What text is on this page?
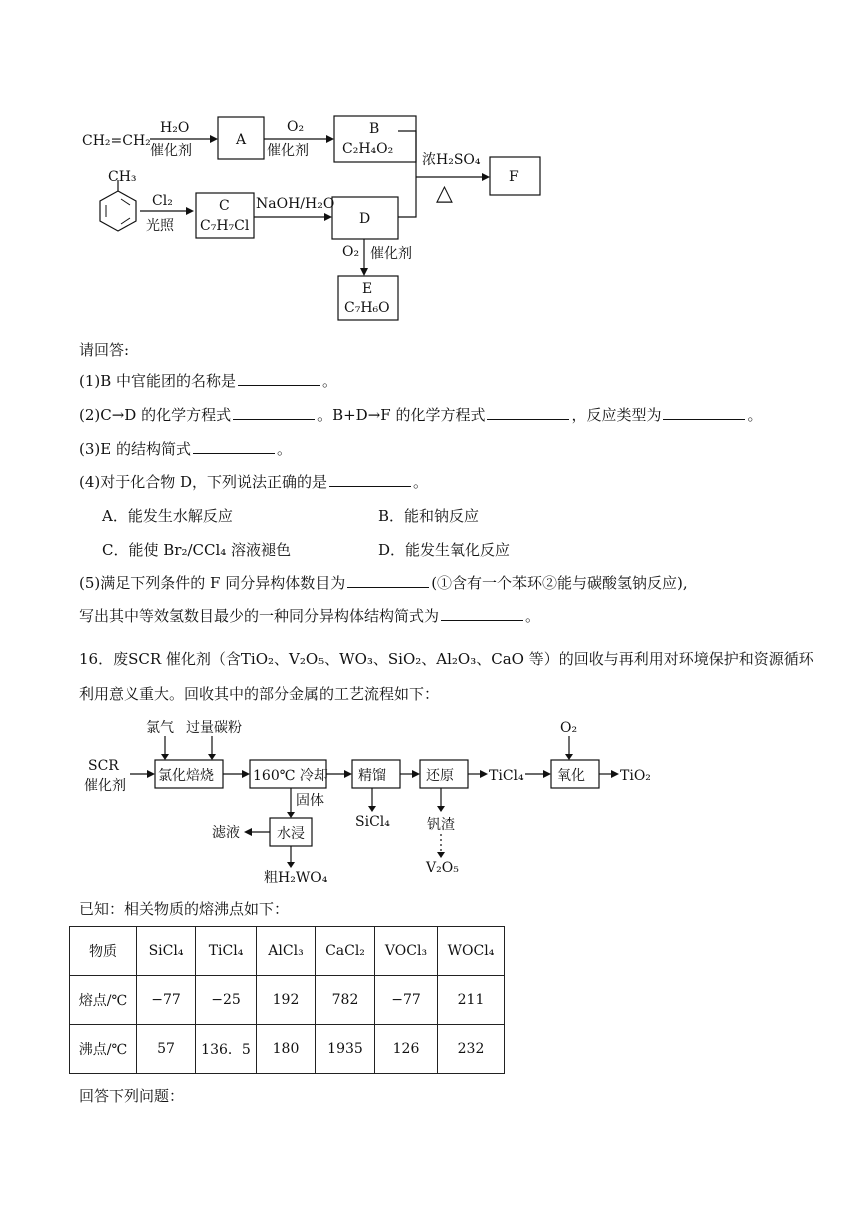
CH₂=CH₂
H₂O
催化剂
A
O₂
催化剂
B
C₂H₄O₂
浓H₂SO₄
△
F
CH₃
Cl₂
光照
C
C₇H₇Cl
NaOH/H₂O
D
O₂ 催化剂
E
C₇H₆O
请回答:
(1)B 中官能团的名称是	。
(2)C→D 的化学方程式	。B+D→F 的化学方程式	，反应类型为	。
(3)E 的结构简式	。
(4)对于化合物 D，下列说法正确的是	。
A．能发生水解反应	B．能和钠反应
C．能使 Br₂/CCl₄ 溶液褪色	D．能发生氧化反应
(5)满足下列条件的 F 同分异构体数目为	(①含有一个苯环②能与碳酸氢钠反应),
写出其中等效氢数目最少的一种同分异构体结构简式为	。
16．废SCR 催化剂（含TiO₂、V₂O₅、WO₃、SiO₂、Al₂O₃、CaO 等）的回收与再利用对环境保护和资源循环
利用意义重大。回收其中的部分金属的工艺流程如下：
SCR
催化剂
氯气 过量碳粉
氯化焙烧	160℃ 冷却
固体
精馏
SiCl₄
还原	TiCl₄
O₂
氧化	TiO₂
滤液	水浸
粗H₂WO₄
钒渣
V₂O₅
已知：相关物质的熔沸点如下：
物质	SiCl₄	TiCl₄	AlCl₃	CaCl₂	VOCl₃	WOCl₄
熔点/℃	−77	−25	192	782	−77	211
沸点/℃	57	136．5	180	1935	126	232
回答下列问题：
